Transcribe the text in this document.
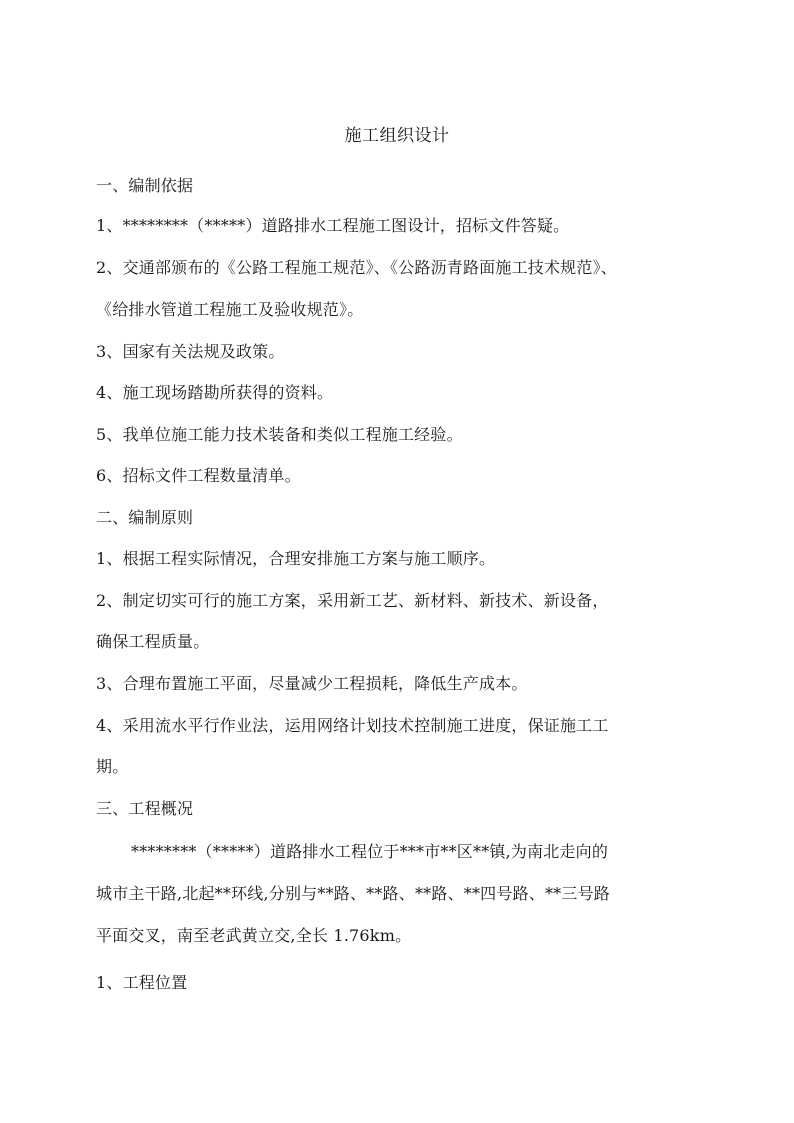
施工组织设计
一、编制依据
1、********（*****）道路排水工程施工图设计，招标文件答疑。
2、交通部颁布的《公路工程施工规范》、《公路沥青路面施工技术规范》、
《给排水管道工程施工及验收规范》。
3、国家有关法规及政策。
4、施工现场踏勘所获得的资料。
5、我单位施工能力技术装备和类似工程施工经验。
6、招标文件工程数量清单。
二、编制原则
1、根据工程实际情况，合理安排施工方案与施工顺序。
2、制定切实可行的施工方案，采用新工艺、新材料、新技术、新设备，
确保工程质量。
3、合理布置施工平面，尽量减少工程损耗，降低生产成本。
4、采用流水平行作业法，运用网络计划技术控制施工进度，保证施工工
期。
三、工程概况
********（*****）道路排水工程位于***市**区**镇,为南北走向的
城市主干路,北起**环线,分别与**路、**路、**路、**四号路、**三号路
平面交叉，南至老武黄立交,全长 1.76km。
1、工程位置
